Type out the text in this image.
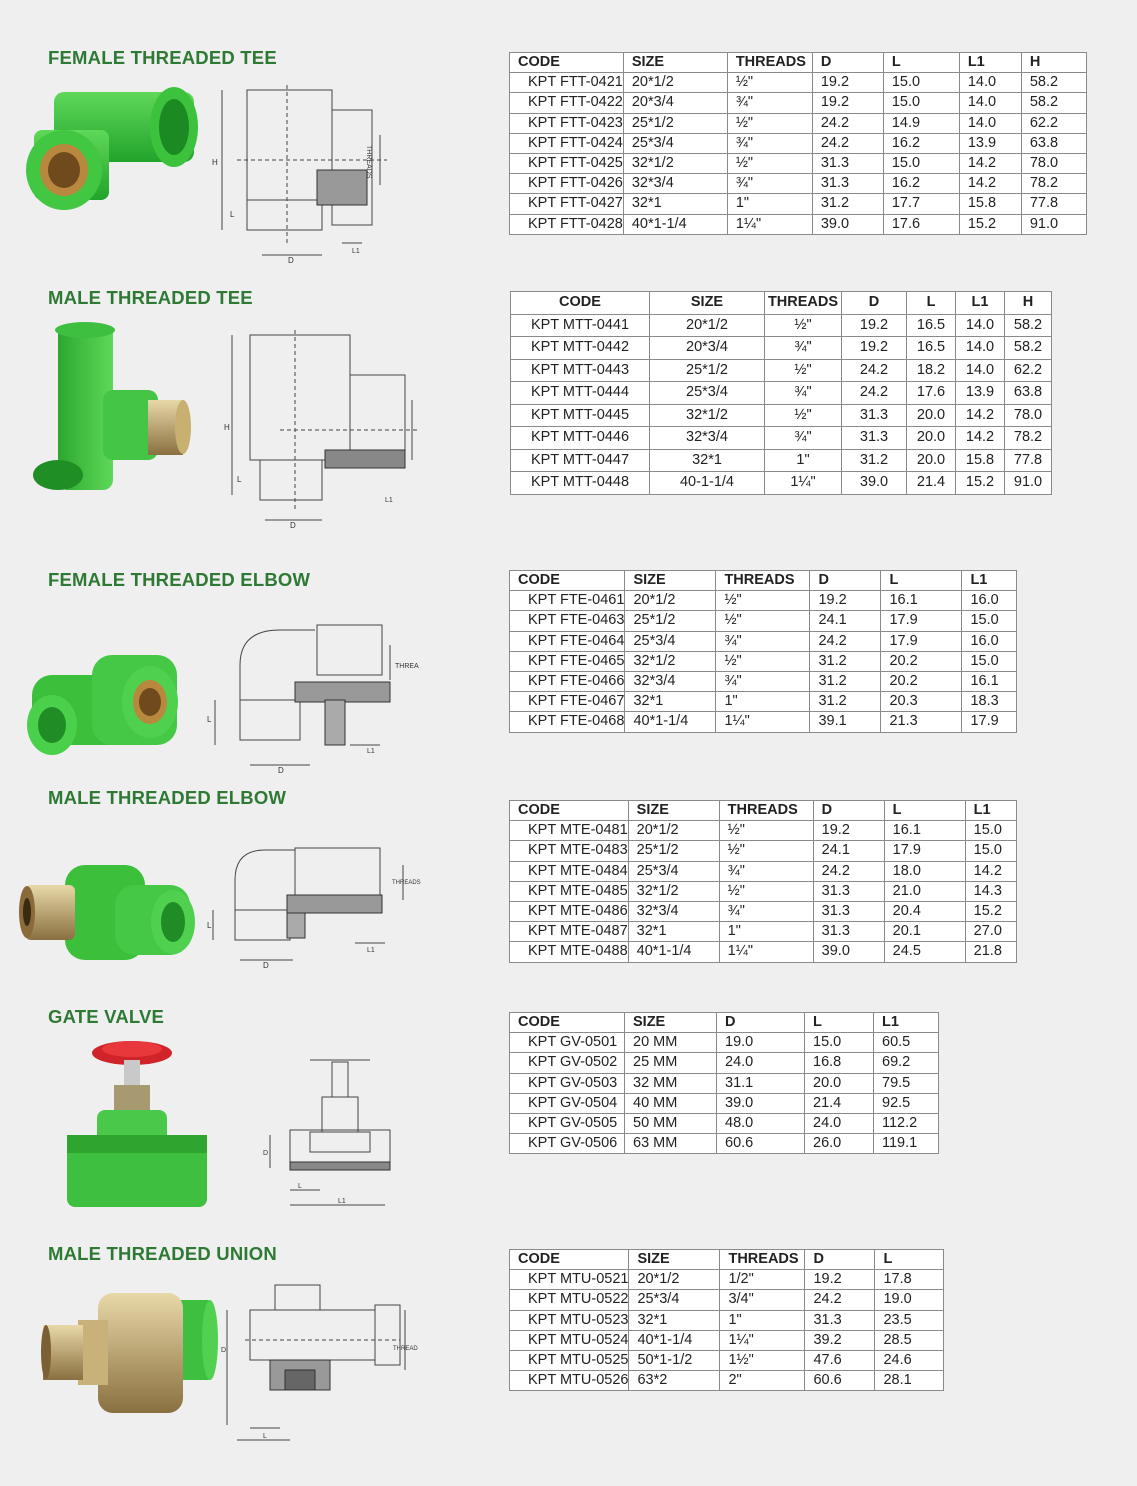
FEMALE THREADED TEE
H
L
D
L1
THREADS
CODE	SIZE	THREADS	D	L	L1	H
KPT FTT-0421	20*1/2	½"	19.2	15.0	14.0	58.2
KPT FTT-0422	20*3/4	¾"	19.2	15.0	14.0	58.2
KPT FTT-0423	25*1/2	½"	24.2	14.9	14.0	62.2
KPT FTT-0424	25*3/4	¾"	24.2	16.2	13.9	63.8
KPT FTT-0425	32*1/2	½"	31.3	15.0	14.2	78.0
KPT FTT-0426	32*3/4	¾"	31.3	16.2	14.2	78.2
KPT FTT-0427	32*1	1"	31.2	17.7	15.8	77.8
KPT FTT-0428	40*1-1/4	1¼"	39.0	17.6	15.2	91.0
MALE THREADED TEE
H
L
D
L1
CODE	SIZE	THREADS	D	L	L1	H
KPT MTT-0441	20*1/2	½"	19.2	16.5	14.0	58.2
KPT MTT-0442	20*3/4	¾"	19.2	16.5	14.0	58.2
KPT MTT-0443	25*1/2	½"	24.2	18.2	14.0	62.2
KPT MTT-0444	25*3/4	¾"	24.2	17.6	13.9	63.8
KPT MTT-0445	32*1/2	½"	31.3	20.0	14.2	78.0
KPT MTT-0446	32*3/4	¾"	31.3	20.0	14.2	78.2
KPT MTT-0447	32*1	1"	31.2	20.0	15.8	77.8
KPT MTT-0448	40-1-1/4	1¼"	39.0	21.4	15.2	91.0
FEMALE THREADED ELBOW
L
D
L1
THREA
CODE	SIZE	THREADS	D	L	L1
KPT FTE-0461	20*1/2	½"	19.2	16.1	16.0
KPT FTE-0463	25*1/2	½"	24.1	17.9	15.0
KPT FTE-0464	25*3/4	¾"	24.2	17.9	16.0
KPT FTE-0465	32*1/2	½"	31.2	20.2	15.0
KPT FTE-0466	32*3/4	¾"	31.2	20.2	16.1
KPT FTE-0467	32*1	1"	31.2	20.3	18.3
KPT FTE-0468	40*1-1/4	1¼"	39.1	21.3	17.9
MALE THREADED ELBOW
L
D
L1
THREADS
CODE	SIZE	THREADS	D	L	L1
KPT MTE-0481	20*1/2	½"	19.2	16.1	15.0
KPT MTE-0483	25*1/2	½"	24.1	17.9	15.0
KPT MTE-0484	25*3/4	¾"	24.2	18.0	14.2
KPT MTE-0485	32*1/2	½"	31.3	21.0	14.3
KPT MTE-0486	32*3/4	¾"	31.3	20.4	15.2
KPT MTE-0487	32*1	1"	31.3	20.1	27.0
KPT MTE-0488	40*1-1/4	1¼"	39.0	24.5	21.8
GATE VALVE
D
L
L1
CODE	SIZE	D	L	L1
KPT GV-0501	20 MM	19.0	15.0	60.5
KPT GV-0502	25 MM	24.0	16.8	69.2
KPT GV-0503	32 MM	31.1	20.0	79.5
KPT GV-0504	40 MM	39.0	21.4	92.5
KPT GV-0505	50 MM	48.0	24.0	112.2
KPT GV-0506	63 MM	60.6	26.0	119.1
MALE THREADED UNION
D
L
THREAD
CODE	SIZE	THREADS	D	L
KPT MTU-0521	20*1/2	1/2"	19.2	17.8
KPT MTU-0522	25*3/4	3/4"	24.2	19.0
KPT MTU-0523	32*1	1"	31.3	23.5
KPT MTU-0524	40*1-1/4	1¼"	39.2	28.5
KPT MTU-0525	50*1-1/2	1½"	47.6	24.6
KPT MTU-0526	63*2	2"	60.6	28.1
